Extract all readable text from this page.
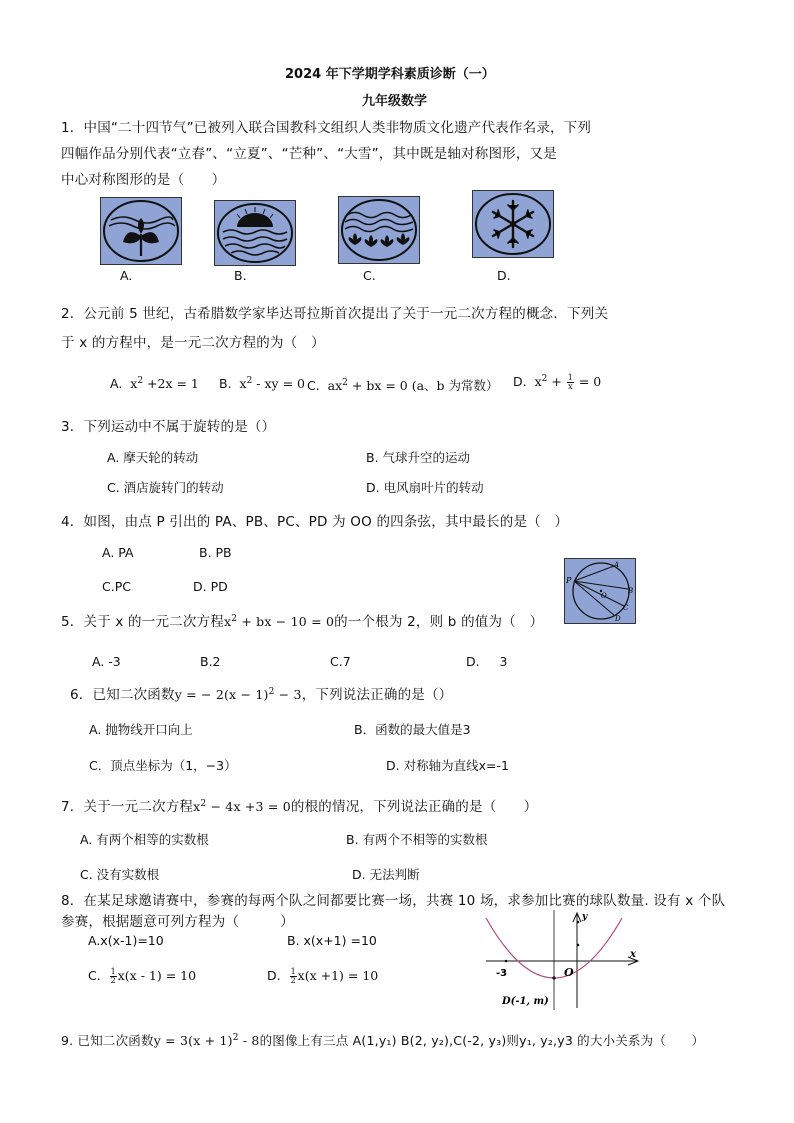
2024 年下学期学科素质诊断（一）
九年级数学
1．中国“二十四节气”已被列入联合国教科文组织人类非物质文化遗产代表作名录，下列
四幅作品分别代表“立春”、“立夏”、“芒种”、“大雪”，其中既是轴对称图形，又是
中心对称图形的是（　　）
A.	B.	C.	D.
2．公元前 5 世纪，古希腊数学家毕达哥拉斯首次提出了关于一元二次方程的概念．下列关
于 x 的方程中，是一元二次方程的为（　）
A. $x^2 +2x = 1$ B. $x^2$ - xy = 0 C. $ax^2$ + bx = 0 (a、b 为常数） D. $x^2 + \frac{1}{x} = 0$
3．下列运动中不属于旋转的是（）
A. 摩天轮的转动	B. 气球升空的运动
C. 酒店旋转门的转动	D. 电风扇叶片的转动
4．如图，由点 P 引出的 PA、PB、PC、PD 为 OO 的四条弦，其中最长的是（　）
A. PA	B. PB
C.PC	D. PD	P
A
B
O
C
D
5．关于 x 的一元二次方程$x^2$ + bx − 10 = 0的一个根为 2，则 b 的值为（　）
A. -3	B.2	C.7	D. 3
6．已知二次函数y = − $2(x - 1)^2 - 3$，下列说法正确的是（）
A. 抛物线开口向上	B．函数的最大值是3
C．顶点坐标为（1，−3）	D. 对称轴为直线x=-1
7．关于一元二次方程$x^2 - 4x +3 = 0$的根的情况，下列说法正确的是（　　）
A. 有两个相等的实数根	B. 有两个不相等的实数根
C. 没有实数根	D. 无法判断
8．在某足球邀请赛中，参赛的每两个队之间都要比赛一场，共赛 10 场，求参加比赛的球队数量. 设有 x 个队
参赛，根据题意可列方程为（　　　）
A.x(x-1)=10	B. x(x+1) =10
C. $\frac{1}{2} x(x - 1) = 10$	D. $\frac{1}{2} x(x +1) = 10$
y
x
O
-3
D(-1, m)
9. 已知二次函数$y = 3(x + 1)^2 - 8$的图像上有三点 A(1,y₁) B(2, y₂),C(-2, y₃)则y₁, y₂,y3 的大小关系为（　　）
